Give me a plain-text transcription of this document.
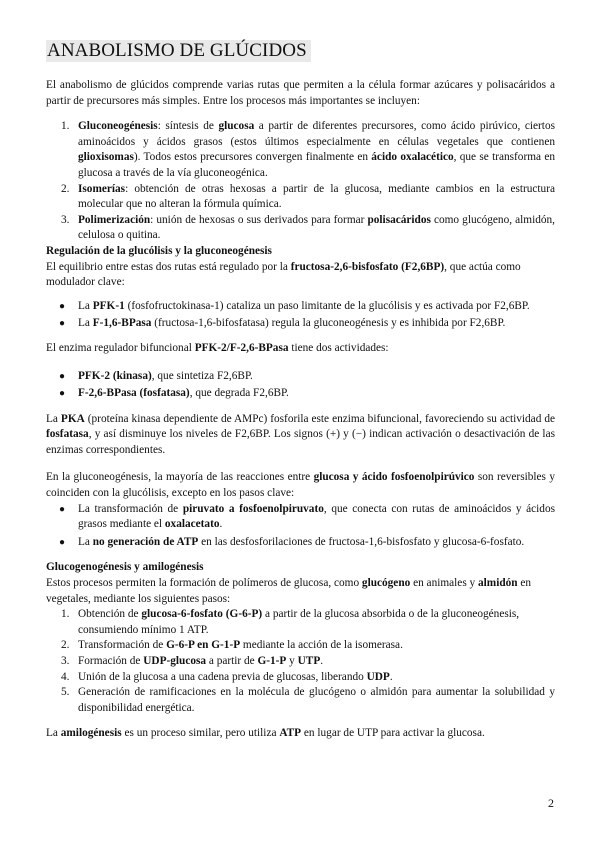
ANABOLISMO DE GLÚCIDOS

El anabolismo de glúcidos comprende varias rutas que permiten a la célula formar azúcares y polisacáridos a partir de precursores más simples. Entre los procesos más importantes se incluyen:

1. Gluconeogénesis: síntesis de glucosa a partir de diferentes precursores, como ácido pirúvico, ciertos aminoácidos y ácidos grasos (estos últimos especialmente en células vegetales que contienen glioxisomas). Todos estos precursores convergen finalmente en ácido oxalacético, que se transforma en glucosa a través de la vía gluconeogénica.
2. Isomerías: obtención de otras hexosas a partir de la glucosa, mediante cambios en la estructura molecular que no alteran la fórmula química.
3. Polimerización: unión de hexosas o sus derivados para formar polisacáridos como glucógeno, almidón, celulosa o quitina.
Regulación de la glucólisis y la gluconeogénesis

El equilibrio entre estas dos rutas está regulado por la fructosa-2,6-bisfosfato (F2,6BP), que actúa como modulador clave:

● La PFK-1 (fosfofructokinasa-1) cataliza un paso limitante de la glucólisis y es activada por F2,6BP.
● La F-1,6-BPasa (fructosa-1,6-bifosfatasa) regula la gluconeogénesis y es inhibida por F2,6BP.

El enzima regulador bifuncional PFK-2/F-2,6-BPasa tiene dos actividades:

● PFK-2 (kinasa), que sintetiza F2,6BP.
● F-2,6-BPasa (fosfatasa), que degrada F2,6BP.

La PKA (proteína kinasa dependiente de AMPc) fosforila este enzima bifuncional, favoreciendo su actividad de fosfatasa, y así disminuye los niveles de F2,6BP. Los signos (+) y (−) indican activación o desactivación de las enzimas correspondientes.

En la gluconeogénesis, la mayoría de las reacciones entre glucosa y ácido fosfoenolpirúvico son reversibles y coinciden con la glucólisis, excepto en los pasos clave:

● La transformación de piruvato a fosfoenolpiruvato, que conecta con rutas de aminoácidos y ácidos grasos mediante el oxalacetato.
● La no generación de ATP en las desfosforilaciones de fructosa-1,6-bisfosfato y glucosa-6-fosfato.
Glucogenogénesis y amilogénesis

Estos procesos permiten la formación de polímeros de glucosa, como glucógeno en animales y almidón en vegetales, mediante los siguientes pasos:

1. Obtención de glucosa-6-fosfato (G-6-P) a partir de la glucosa absorbida o de la gluconeogénesis, consumiendo mínimo 1 ATP.
2. Transformación de G-6-P en G-1-P mediante la acción de la isomerasa.
3. Formación de UDP-glucosa a partir de G-1-P y UTP.
4. Unión de la glucosa a una cadena previa de glucosas, liberando UDP.
5. Generación de ramificaciones en la molécula de glucógeno o almidón para aumentar la solubilidad y disponibilidad energética.

La amilogénesis es un proceso similar, pero utiliza ATP en lugar de UTP para activar la glucosa.

2
